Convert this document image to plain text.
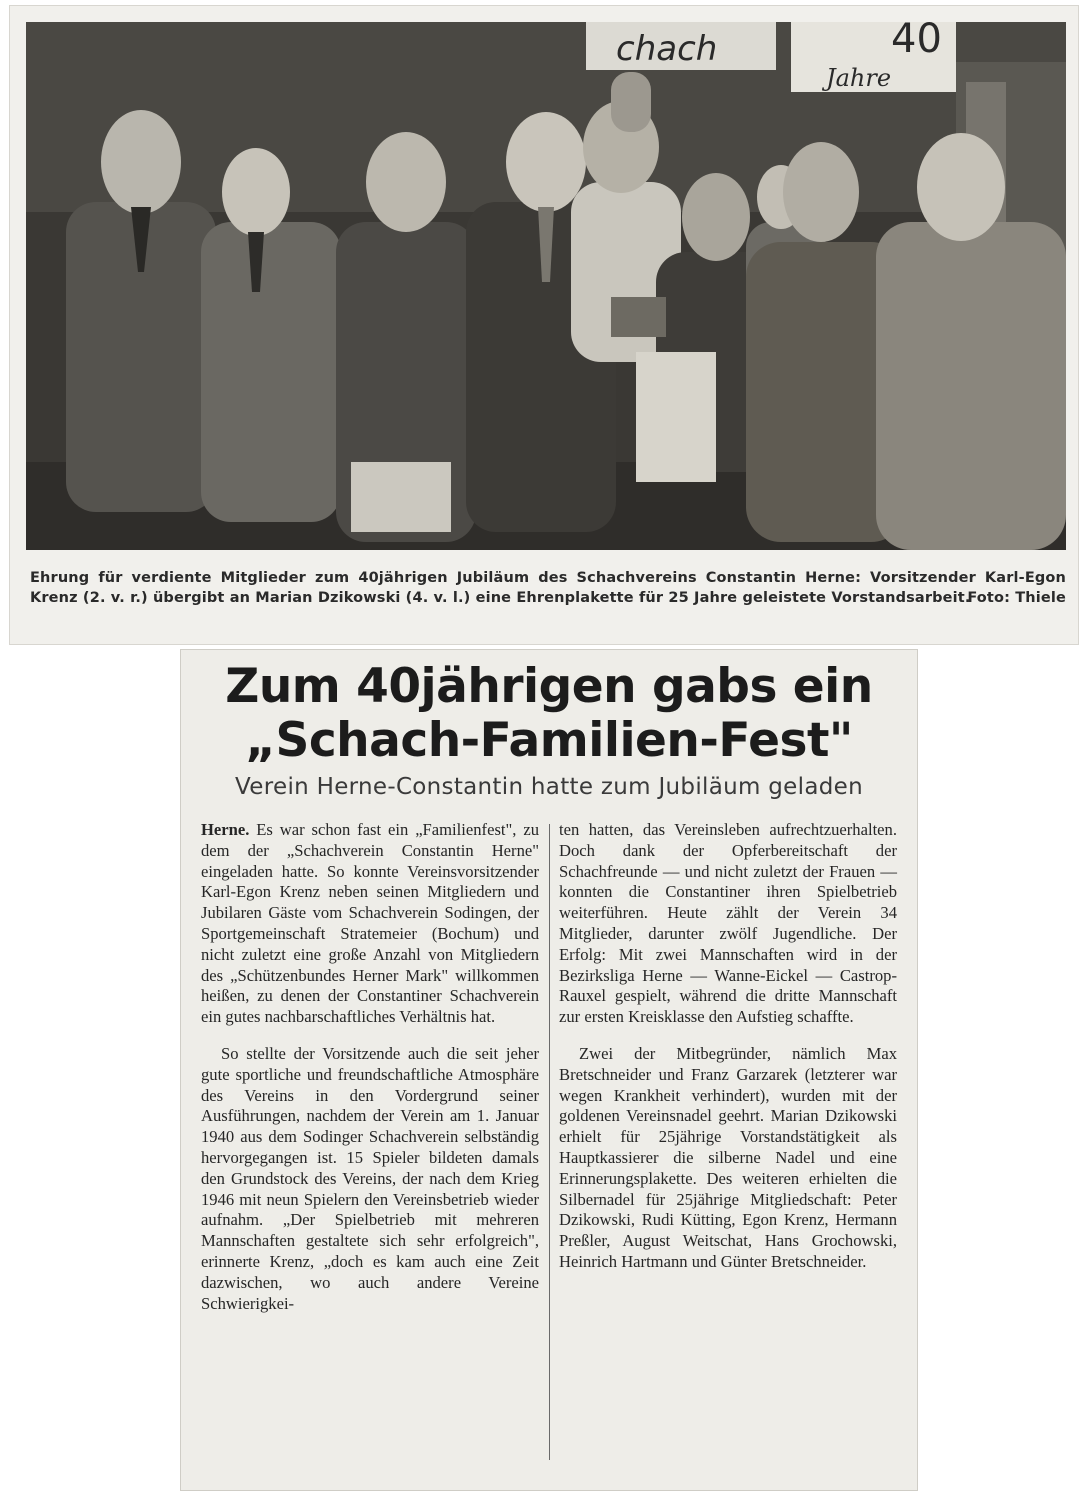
chach	40
Jahre
Ehrung für verdiente Mitglieder zum 40jährigen Jubiläum des Schachvereins Constantin Herne: Vorsitzender Karl-Egon Krenz (2. v. r.) übergibt an Marian Dzikowski (4. v. l.) eine Ehrenplakette für 25 Jahre geleistete Vorstandsarbeit.
Foto: Thiele
Zum 40jährigen gabs ein
„Schach-Familien-Fest"
Verein Herne-Constantin hatte zum Jubiläum geladen

Herne. Es war schon fast ein „Familienfest", zu dem der „Schachverein Constantin Herne" eingeladen hatte. So konnte Vereinsvorsitzender Karl-Egon Krenz neben seinen Mitgliedern und Jubilaren Gäste vom Schachverein Sodingen, der Sportgemeinschaft Stratemeier (Bochum) und nicht zuletzt eine große Anzahl von Mitgliedern des „Schützenbundes Herner Mark" willkommen heißen, zu denen der Constantiner Schachverein ein gutes nachbarschaftliches Verhältnis hat.

So stellte der Vorsitzende auch die seit jeher gute sportliche und freundschaftliche Atmosphäre des Vereins in den Vordergrund seiner Ausführungen, nachdem der Verein am 1. Januar 1940 aus dem Sodinger Schachverein selbständig hervorgegangen ist. 15 Spieler bildeten damals den Grundstock des Vereins, der nach dem Krieg 1946 mit neun Spielern den Vereinsbetrieb wieder aufnahm. „Der Spielbetrieb mit mehreren Mannschaften gestaltete sich sehr erfolgreich", erinnerte Krenz, „doch es kam auch eine Zeit dazwischen, wo auch andere Vereine Schwierigkei-

ten hatten, das Vereinsleben aufrechtzuerhalten. Doch dank der Opferbereitschaft der Schachfreunde — und nicht zuletzt der Frauen — konnten die Constantiner ihren Spielbetrieb weiterführen. Heute zählt der Verein 34 Mitglieder, darunter zwölf Jugendliche. Der Erfolg: Mit zwei Mannschaften wird in der Bezirksliga Herne — Wanne-Eickel — Castrop-Rauxel gespielt, während die dritte Mannschaft zur ersten Kreisklasse den Aufstieg schaffte.

Zwei der Mitbegründer, nämlich Max Bretschneider und Franz Garzarek (letzterer war wegen Krankheit verhindert), wurden mit der goldenen Vereinsnadel geehrt. Marian Dzikowski erhielt für 25jährige Vorstandstätigkeit als Hauptkassierer die silberne Nadel und eine Erinnerungsplakette. Des weiteren erhielten die Silbernadel für 25jährige Mitgliedschaft: Peter Dzikowski, Rudi Kütting, Egon Krenz, Hermann Preßler, August Weitschat, Hans Grochowski, Heinrich Hartmann und Günter Bretschneider.
